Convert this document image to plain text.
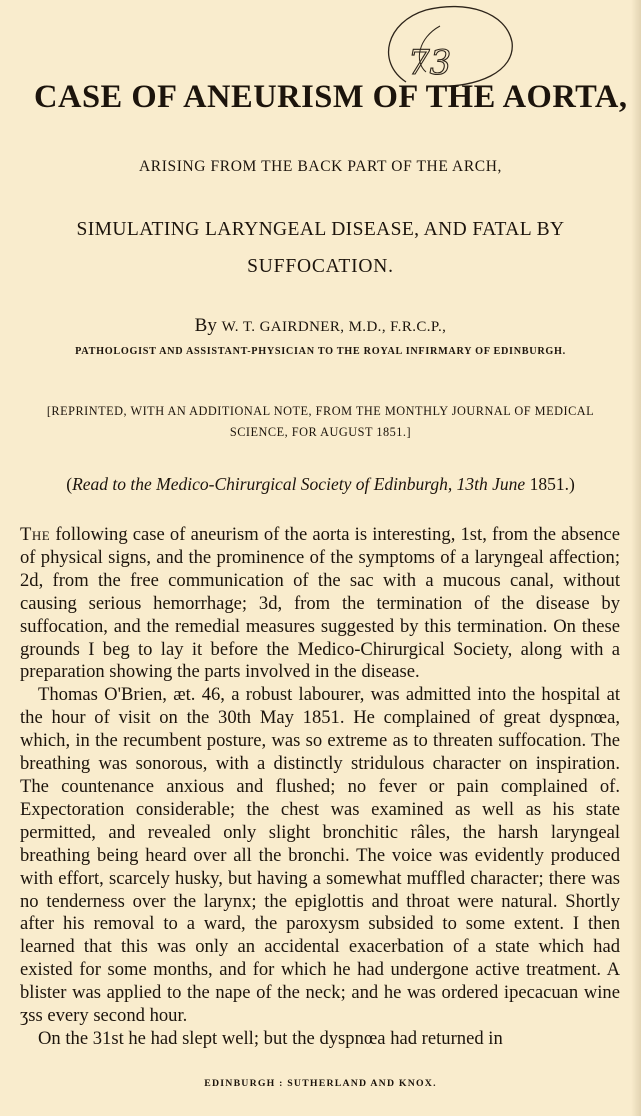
73
CASE OF ANEURISM OF THE AORTA,
ARISING FROM THE BACK PART OF THE ARCH,
SIMULATING LARYNGEAL DISEASE, AND FATAL BY
SUFFOCATION.
By W. T. GAIRDNER, M.D., F.R.C.P.,
PATHOLOGIST AND ASSISTANT-PHYSICIAN TO THE ROYAL INFIRMARY OF EDINBURGH.
[REPRINTED, WITH AN ADDITIONAL NOTE, FROM THE MONTHLY JOURNAL OF MEDICAL
SCIENCE, FOR AUGUST 1851.]
(Read to the Medico-Chirurgical Society of Edinburgh, 13th June 1851.)

The following case of aneurism of the aorta is interesting, 1st, from the absence of physical signs, and the prominence of the symptoms of a laryngeal affection; 2d, from the free communication of the sac with a mucous canal, without causing serious hemorrhage; 3d, from the termination of the disease by suffocation, and the remedial measures suggested by this termination. On these grounds I beg to lay it before the Medico-Chirurgical Society, along with a preparation showing the parts involved in the disease.

Thomas O'Brien, æt. 46, a robust labourer, was admitted into the hospital at the hour of visit on the 30th May 1851. He complained of great dyspnœa, which, in the recumbent posture, was so extreme as to threaten suffocation. The breathing was sonorous, with a distinctly stridulous character on inspiration. The countenance anxious and flushed; no fever or pain complained of. Expectoration considerable; the chest was examined as well as his state permitted, and revealed only slight bronchitic râles, the harsh laryngeal breathing being heard over all the bronchi. The voice was evidently produced with effort, scarcely husky, but having a somewhat muffled character; there was no tenderness over the larynx; the epiglottis and throat were natural. Shortly after his removal to a ward, the paroxysm subsided to some extent. I then learned that this was only an accidental exacerbation of a state which had existed for some months, and for which he had undergone active treatment. A blister was applied to the nape of the neck; and he was ordered ipecacuan wine ʒss every second hour.

On the 31st he had slept well; but the dyspnœa had returned in

EDINBURGH : SUTHERLAND AND KNOX.
